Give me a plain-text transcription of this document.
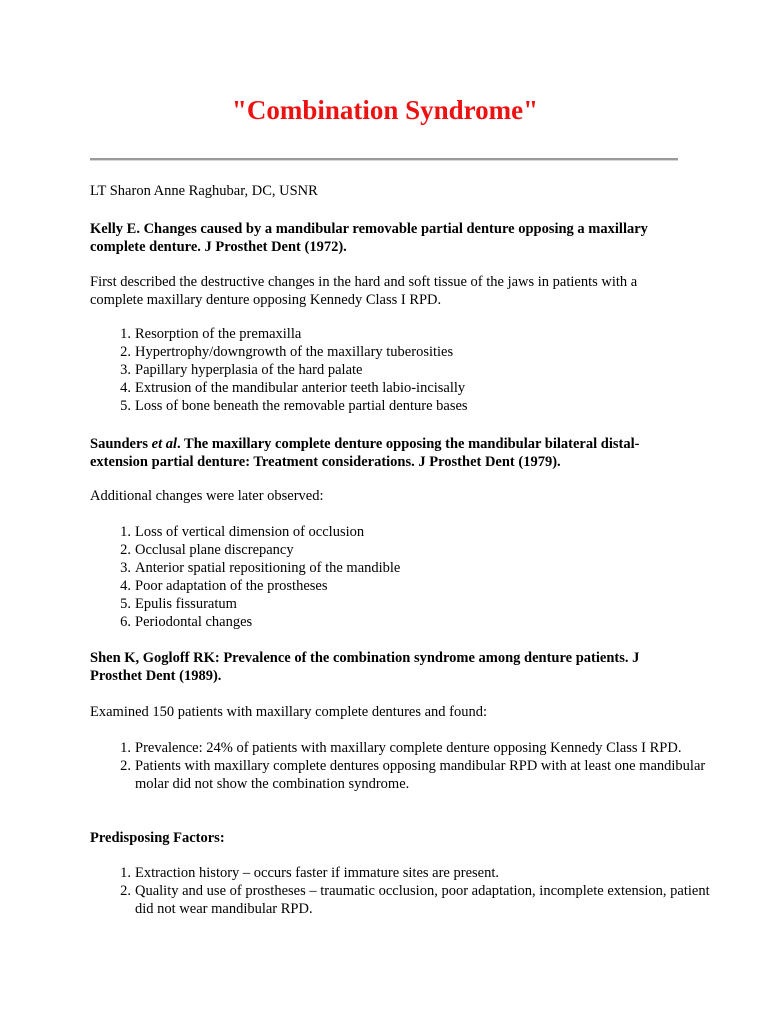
"Combination Syndrome"

LT Sharon Anne Raghubar, DC, USNR

Kelly E. Changes caused by a mandibular removable partial denture opposing a maxillary complete denture. J Prosthet Dent (1972).

First described the destructive changes in the hard and soft tissue of the jaws in patients with a complete maxillary denture opposing Kennedy Class I RPD.

1. Resorption of the premaxilla
2. Hypertrophy/downgrowth of the maxillary tuberosities
3. Papillary hyperplasia of the hard palate
4. Extrusion of the mandibular anterior teeth labio-incisally
5. Loss of bone beneath the removable partial denture bases

Saunders et al. The maxillary complete denture opposing the mandibular bilateral distal-extension partial denture: Treatment considerations. J Prosthet Dent (1979).

Additional changes were later observed:

1. Loss of vertical dimension of occlusion
2. Occlusal plane discrepancy
3. Anterior spatial repositioning of the mandible
4. Poor adaptation of the prostheses
5. Epulis fissuratum
6. Periodontal changes

Shen K, Gogloff RK: Prevalence of the combination syndrome among denture patients. J Prosthet Dent (1989).

Examined 150 patients with maxillary complete dentures and found:

1. Prevalence: 24% of patients with maxillary complete denture opposing Kennedy Class I RPD.
2. Patients with maxillary complete dentures opposing mandibular RPD with at least one mandibular molar did not show the combination syndrome.

Predisposing Factors:

1. Extraction history – occurs faster if immature sites are present.
2. Quality and use of prostheses – traumatic occlusion, poor adaptation, incomplete extension, patient did not wear mandibular RPD.
